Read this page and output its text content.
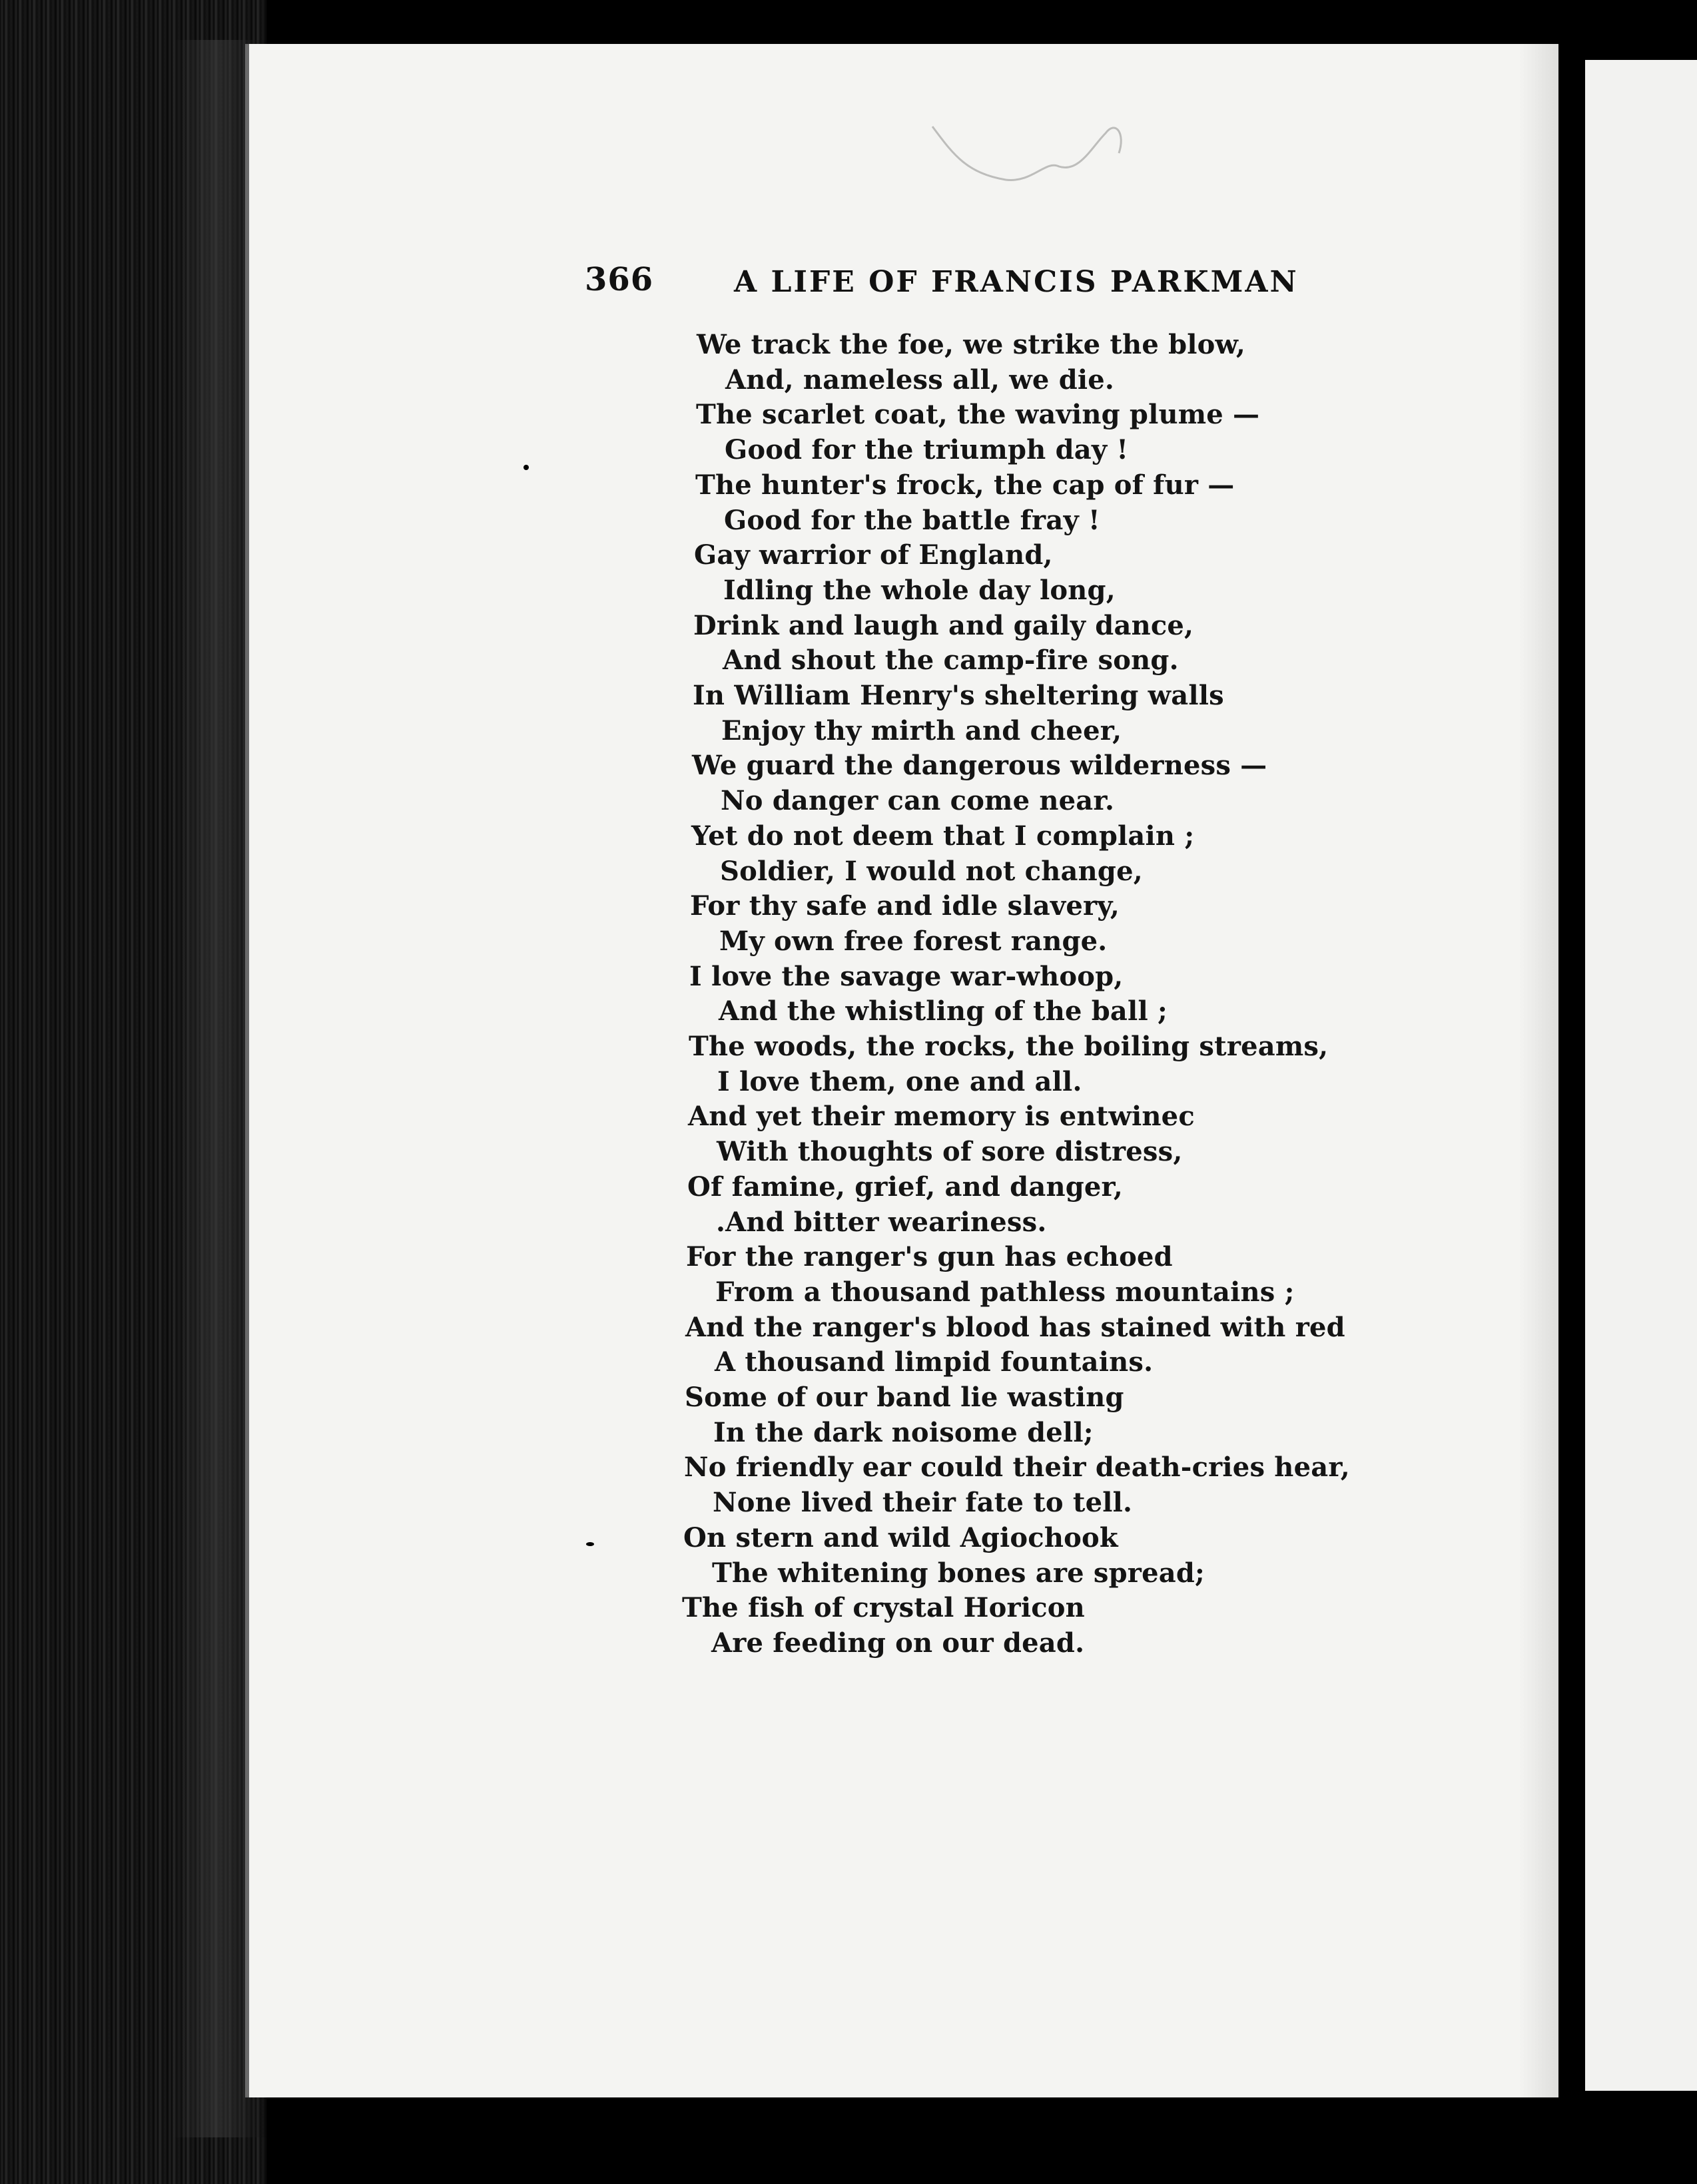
366	A LIFE OF FRANCIS PARKMAN
We track the foe, we strike the blow,
And, nameless all, we die.
The scarlet coat, the waving plume —
Good for the triumph day !
The hunter's frock, the cap of fur —
Good for the battle fray !
Gay warrior of England,
Idling the whole day long,
Drink and laugh and gaily dance,
And shout the camp-fire song.
In William Henry's sheltering walls
Enjoy thy mirth and cheer,
We guard the dangerous wilderness —
No danger can come near.
Yet do not deem that I complain ;
Soldier, I would not change,
For thy safe and idle slavery,
My own free forest range.
I love the savage war-whoop,
And the whistling of the ball ;
The woods, the rocks, the boiling streams,
I love them, one and all.
And yet their memory is entwinec
With thoughts of sore distress,
Of famine, grief, and danger,
.And bitter weariness.
For the ranger's gun has echoed
From a thousand pathless mountains ;
And the ranger's blood has stained with red
A thousand limpid fountains.
Some of our band lie wasting
In the dark noisome dell;
No friendly ear could their death-cries hear,
None lived their fate to tell.
On stern and wild Agiochook
The whitening bones are spread;
The fish of crystal Horicon
Are feeding on our dead.
